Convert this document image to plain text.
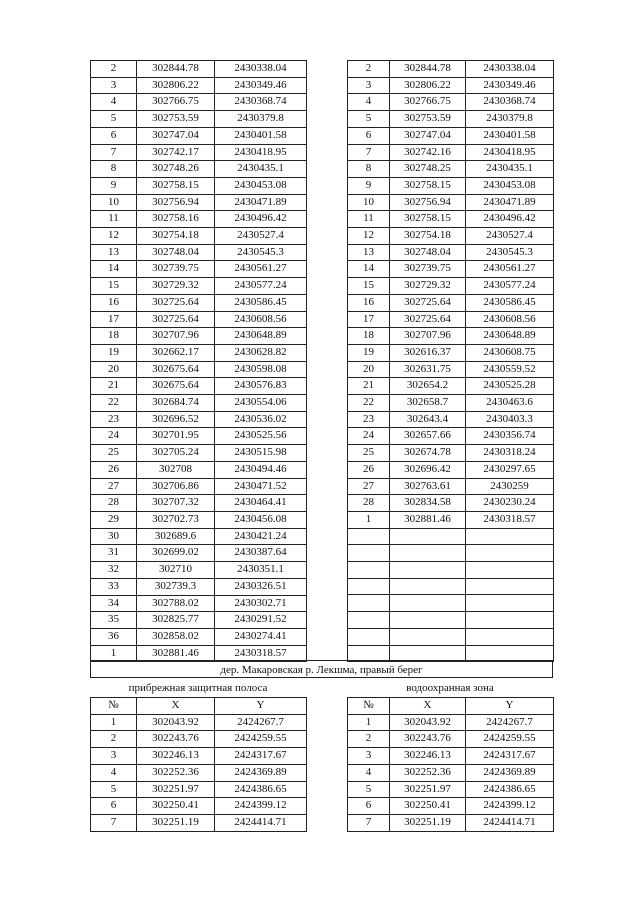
2	302844.78	2430338.04
3	302806.22	2430349.46
4	302766.75	2430368.74
5	302753.59	2430379.8
6	302747.04	2430401.58
7	302742.17	2430418.95
8	302748.26	2430435.1
9	302758.15	2430453.08
10	302756.94	2430471.89
11	302758.16	2430496.42
12	302754.18	2430527.4
13	302748.04	2430545.3
14	302739.75	2430561.27
15	302729.32	2430577.24
16	302725.64	2430586.45
17	302725.64	2430608.56
18	302707.96	2430648.89
19	302662.17	2430628.82
20	302675.64	2430598.08
21	302675.64	2430576.83
22	302684.74	2430554.06
23	302696.52	2430536.02
24	302701.95	2430525.56
25	302705.24	2430515.98
26	302708	2430494.46
27	302706.86	2430471.52
28	302707.32	2430464.41
29	302702.73	2430456.08
30	302689.6	2430421.24
31	302699.02	2430387.64
32	302710	2430351.1
33	302739.3	2430326.51
34	302788.02	2430302.71
35	302825.77	2430291.52
36	302858.02	2430274.41
1	302881.46	2430318.57
2	302844.78	2430338.04
3	302806.22	2430349.46
4	302766.75	2430368.74
5	302753.59	2430379.8
6	302747.04	2430401.58
7	302742.16	2430418.95
8	302748.25	2430435.1
9	302758.15	2430453.08
10	302756.94	2430471.89
11	302758.15	2430496.42
12	302754.18	2430527.4
13	302748.04	2430545.3
14	302739.75	2430561.27
15	302729.32	2430577.24
16	302725.64	2430586.45
17	302725.64	2430608.56
18	302707.96	2430648.89
19	302616.37	2430608.75
20	302631.75	2430559.52
21	302654.2	2430525.28
22	302658.7	2430463.6
23	302643.4	2430403.3
24	302657.66	2430356.74
25	302674.78	2430318.24
26	302696.42	2430297.65
27	302763.61	2430259
28	302834.58	2430230.24
1	302881.46	2430318.57

дер. Макаровская р. Лекшма, правый берег
прибрежная защитная полоса	водоохранная зона
№	X	Y
1	302043.92	2424267.7
2	302243.76	2424259.55
3	302246.13	2424317.67
4	302252.36	2424369.89
5	302251.97	2424386.65
6	302250.41	2424399.12
7	302251.19	2424414.71
№	X	Y
1	302043.92	2424267.7
2	302243.76	2424259.55
3	302246.13	2424317.67
4	302252.36	2424369.89
5	302251.97	2424386.65
6	302250.41	2424399.12
7	302251.19	2424414.71
